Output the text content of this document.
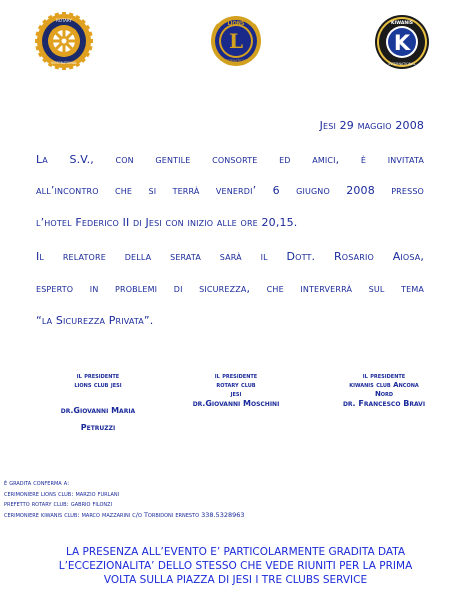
INTERNATIONAL
ROTARY
L
LIONS
INTERNATIONAL
K
KIWANIS
INTERNATIONAL
Jesi 29 maggio 2008
La S.V., con gentile consorte ed amici, è invitata
all’incontro che si terrà venerdi’ 6 giugno 2008 presso
l’hotel Federico II di Jesi con inizio alle ore 20,15.
Il relatore della serata sarà il Dott. Rosario Aiosa,
esperto in problemi di sicurezza, che interverrà sul tema
“la Sicurezza Privata”.
il presidente
lions club jesi
dr.Giovanni Maria
Petruzzi
il presidente
rotary club
jesi
dr.Giovanni Moschini
il presidente
kiwanis club Ancona
Nord
dr. Francesco Bravi
è gradita conferma a:
cerimoniere lions club: marzio furlani
prefetto rotary club: gabrio filonzi
cerimoniere kiwanis club: marco mazzarini c/o Torbidoni ernesto 338.5328963
LA PRESENZA ALL’EVENTO E’ PARTICOLARMENTE GRADITA DATA
L’ECCEZIONALITA’ DELLO STESSO CHE VEDE RIUNITI PER LA PRIMA
VOLTA SULLA PIAZZA DI JESI I TRE CLUBS SERVICE
